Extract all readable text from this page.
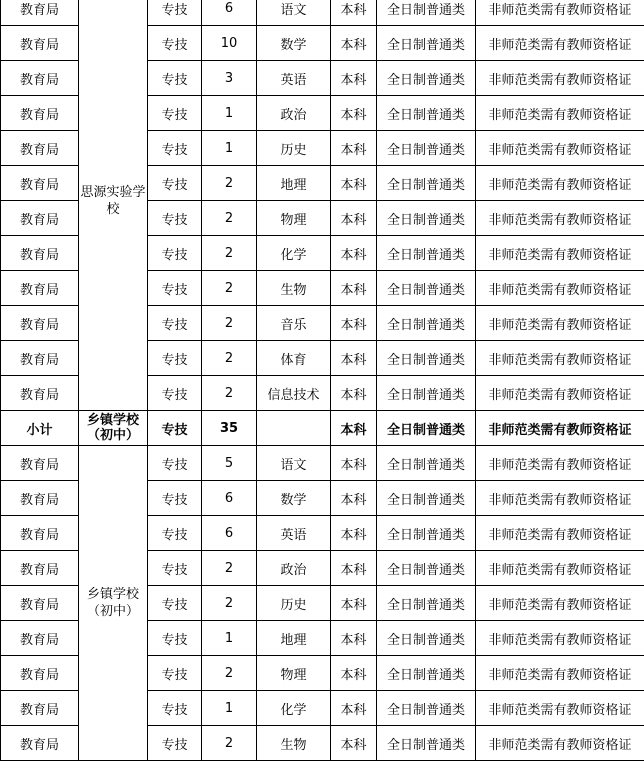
教育局	思源实验学校	专技	6	语文	本科	全日制普通类	非师范类需有教师资格证
教育局		专技	10	数学	本科	全日制普通类	非师范类需有教师资格证
教育局		专技	3	英语	本科	全日制普通类	非师范类需有教师资格证
教育局		专技	1	政治	本科	全日制普通类	非师范类需有教师资格证
教育局		专技	1	历史	本科	全日制普通类	非师范类需有教师资格证
教育局		专技	2	地理	本科	全日制普通类	非师范类需有教师资格证
教育局		专技	2	物理	本科	全日制普通类	非师范类需有教师资格证
教育局		专技	2	化学	本科	全日制普通类	非师范类需有教师资格证
教育局		专技	2	生物	本科	全日制普通类	非师范类需有教师资格证
教育局		专技	2	音乐	本科	全日制普通类	非师范类需有教师资格证
教育局		专技	2	体育	本科	全日制普通类	非师范类需有教师资格证
教育局		专技	2	信息技术	本科	全日制普通类	非师范类需有教师资格证
小计	乡镇学校（初中）	专技	35		本科	全日制普通类	非师范类需有教师资格证
教育局	乡镇学校（初中）	专技	5	语文	本科	全日制普通类	非师范类需有教师资格证
教育局		专技	6	数学	本科	全日制普通类	非师范类需有教师资格证
教育局		专技	6	英语	本科	全日制普通类	非师范类需有教师资格证
教育局		专技	2	政治	本科	全日制普通类	非师范类需有教师资格证
教育局		专技	2	历史	本科	全日制普通类	非师范类需有教师资格证
教育局		专技	1	地理	本科	全日制普通类	非师范类需有教师资格证
教育局		专技	2	物理	本科	全日制普通类	非师范类需有教师资格证
教育局		专技	1	化学	本科	全日制普通类	非师范类需有教师资格证
教育局		专技	2	生物	本科	全日制普通类	非师范类需有教师资格证
